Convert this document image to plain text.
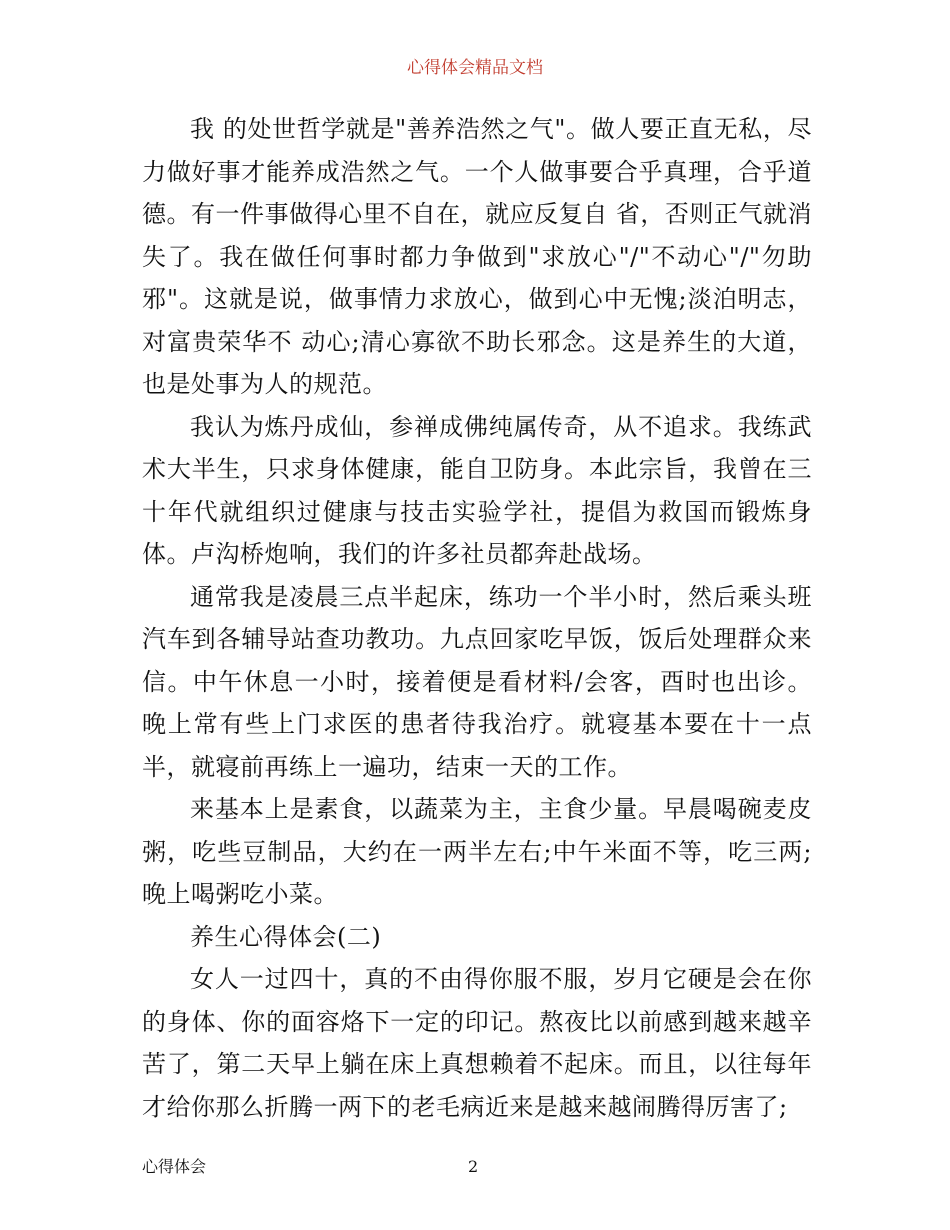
心得体会精品文档

我 的处世哲学就是"善养浩然之气"。做人要正直无私，尽力做好事才能养成浩然之气。一个人做事要合乎真理，合乎道德。有一件事做得心里不自在，就应反复自 省，否则正气就消失了。我在做任何事时都力争做到"求放心"/"不动心"/"勿助邪"。这就是说，做事情力求放心，做到心中无愧;淡泊明志，对富贵荣华不 动心;清心寡欲不助长邪念。这是养生的大道，也是处事为人的规范。

我认为炼丹成仙，参禅成佛纯属传奇，从不追求。我练武术大半生，只求身体健康，能自卫防身。本此宗旨，我曾在三十年代就组织过健康与技击实验学社，提倡为救国而锻炼身体。卢沟桥炮响，我们的许多社员都奔赴战场。

通常我是凌晨三点半起床，练功一个半小时，然后乘头班汽车到各辅导站查功教功。九点回家吃早饭，饭后处理群众来信。中午休息一小时，接着便是看材料/会客，酉时也出诊。晚上常有些上门求医的患者待我治疗。就寝基本要在十一点半，就寝前再练上一遍功，结束一天的工作。

来基本上是素食，以蔬菜为主，主食少量。早晨喝碗麦皮粥，吃些豆制品，大约在一两半左右;中午米面不等，吃三两;晚上喝粥吃小菜。

养生心得体会(二)

女人一过四十，真的不由得你服不服，岁月它硬是会在你的身体、你的面容烙下一定的印记。熬夜比以前感到越来越辛苦了，第二天早上躺在床上真想赖着不起床。而且，以往每年才给你那么折腾一两下的老毛病近来是越来越闹腾得厉害了;

心得体会	2
